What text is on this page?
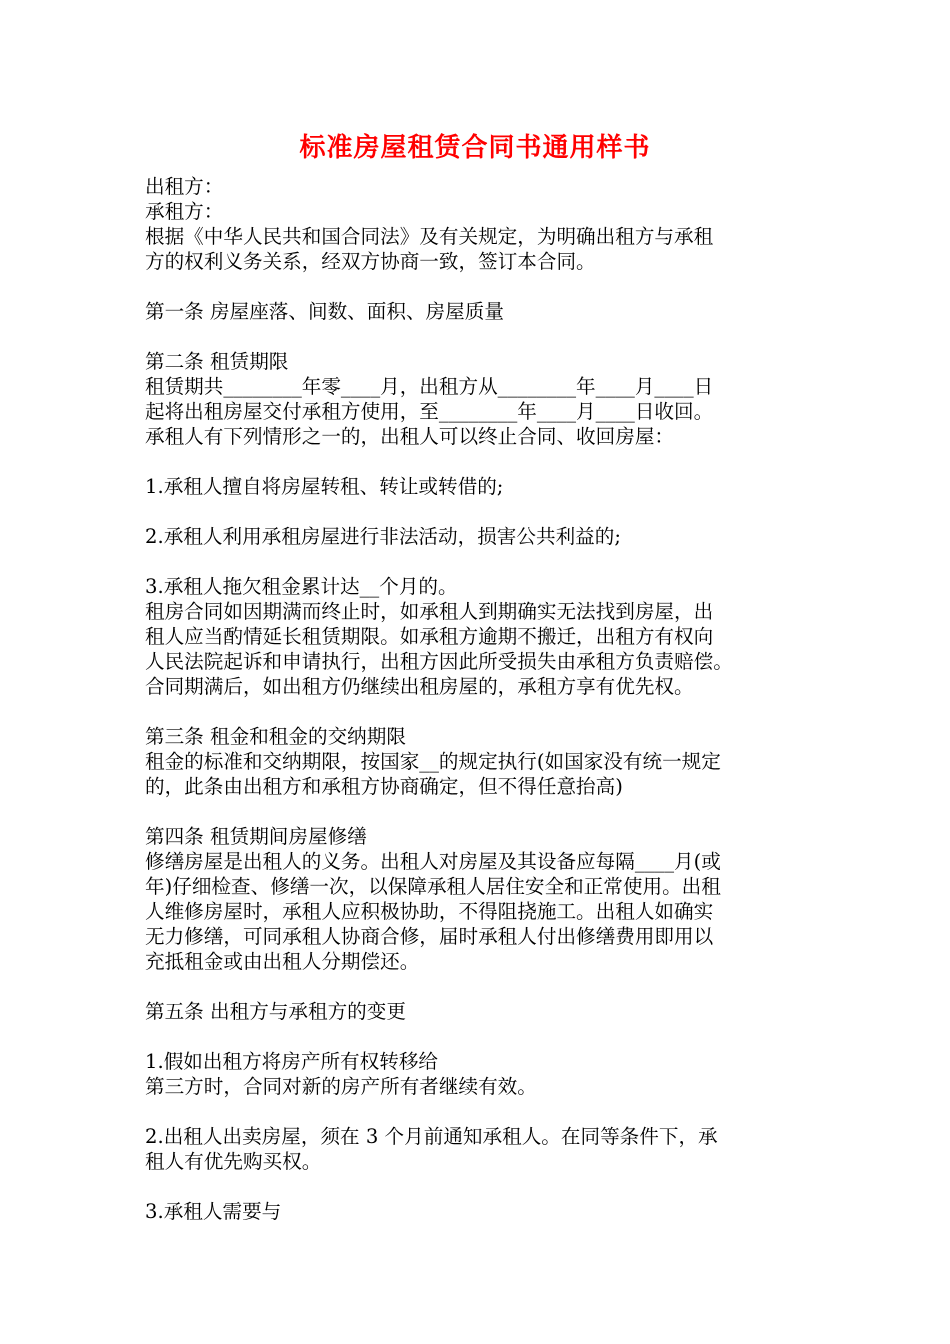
标准房屋租赁合同书通用样书
出租方：
承租方：
根据《中华人民共和国合同法》及有关规定，为明确出租方与承租
方的权利义务关系，经双方协商一致，签订本合同。
第一条 房屋座落、间数、面积、房屋质量
第二条 租赁期限
租赁期共________年零____月，出租方从________年____月____日
起将出租房屋交付承租方使用，至________年____月____日收回。
承租人有下列情形之一的，出租人可以终止合同、收回房屋：
1.承租人擅自将房屋转租、转让或转借的;
2.承租人利用承租房屋进行非法活动，损害公共利益的;
3.承租人拖欠租金累计达__个月的。
租房合同如因期满而终止时，如承租人到期确实无法找到房屋，出
租人应当酌情延长租赁期限。如承租方逾期不搬迁，出租方有权向
人民法院起诉和申请执行，出租方因此所受损失由承租方负责赔偿。
合同期满后，如出租方仍继续出租房屋的，承租方享有优先权。
第三条 租金和租金的交纳期限
租金的标准和交纳期限，按国家__的规定执行(如国家没有统一规定
的，此条由出租方和承租方协商确定，但不得任意抬高)
第四条 租赁期间房屋修缮
修缮房屋是出租人的义务。出租人对房屋及其设备应每隔____月(或
年)仔细检查、修缮一次，以保障承租人居住安全和正常使用。出租
人维修房屋时，承租人应积极协助，不得阻挠施工。出租人如确实
无力修缮，可同承租人协商合修，届时承租人付出修缮费用即用以
充抵租金或由出租人分期偿还。
第五条 出租方与承租方的变更
1.假如出租方将房产所有权转移给
第三方时，合同对新的房产所有者继续有效。
2.出租人出卖房屋，须在 3 个月前通知承租人。在同等条件下，承
租人有优先购买权。
3.承租人需要与
